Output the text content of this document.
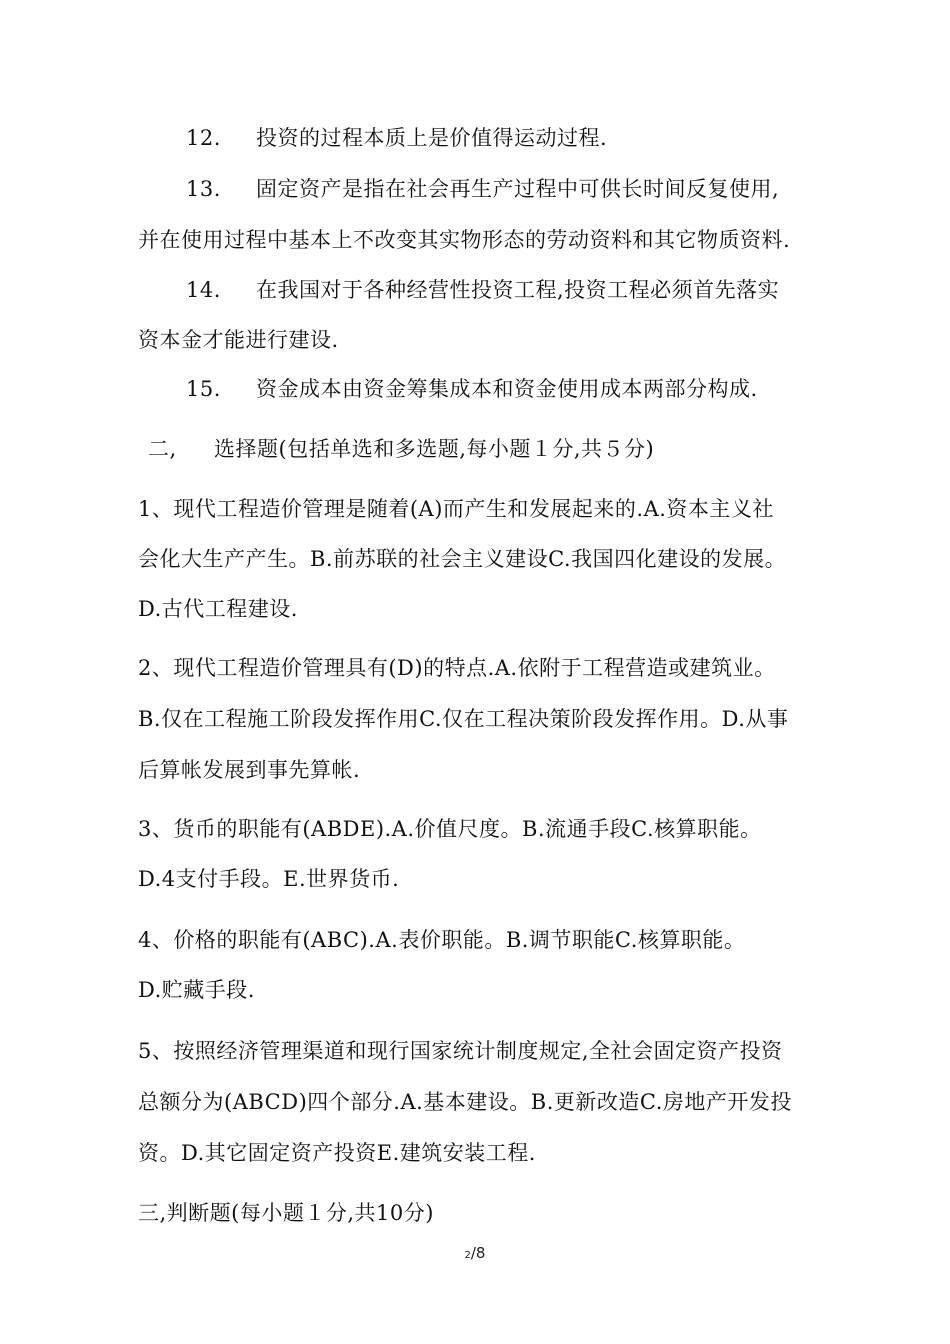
12. 投资的过程本质上是价值得运动过程.
13. 固定资产是指在社会再生产过程中可供长时间反复使用,
并在使用过程中基本上不改变其实物形态的劳动资料和其它物质资料.
14. 在我国对于各种经营性投资工程,投资工程必须首先落实
资本金才能进行建设.
15. 资金成本由资金筹集成本和资金使用成本两部分构成.
二, 选择题(包括单选和多选题,每小题１分,共５分)
1、现代工程造价管理是随着(A)而产生和发展起来的.A.资本主义社
会化大生产产生。B.前苏联的社会主义建设C.我国四化建设的发展。
D.古代工程建设.
2、现代工程造价管理具有(D)的特点.A.依附于工程营造或建筑业。
B.仅在工程施工阶段发挥作用C.仅在工程决策阶段发挥作用。D.从事
后算帐发展到事先算帐.
3、货币的职能有(ABDE).A.价值尺度。B.流通手段C.核算职能。
D.4支付手段。E.世界货币.
4、价格的职能有(ABC).A.表价职能。B.调节职能C.核算职能。
D.贮藏手段.
5、按照经济管理渠道和现行国家统计制度规定,全社会固定资产投资
总额分为(ABCD)四个部分.A.基本建设。B.更新改造C.房地产开发投
资。D.其它固定资产投资E.建筑安装工程.
三,判断题(每小题１分,共10分)
2/8
